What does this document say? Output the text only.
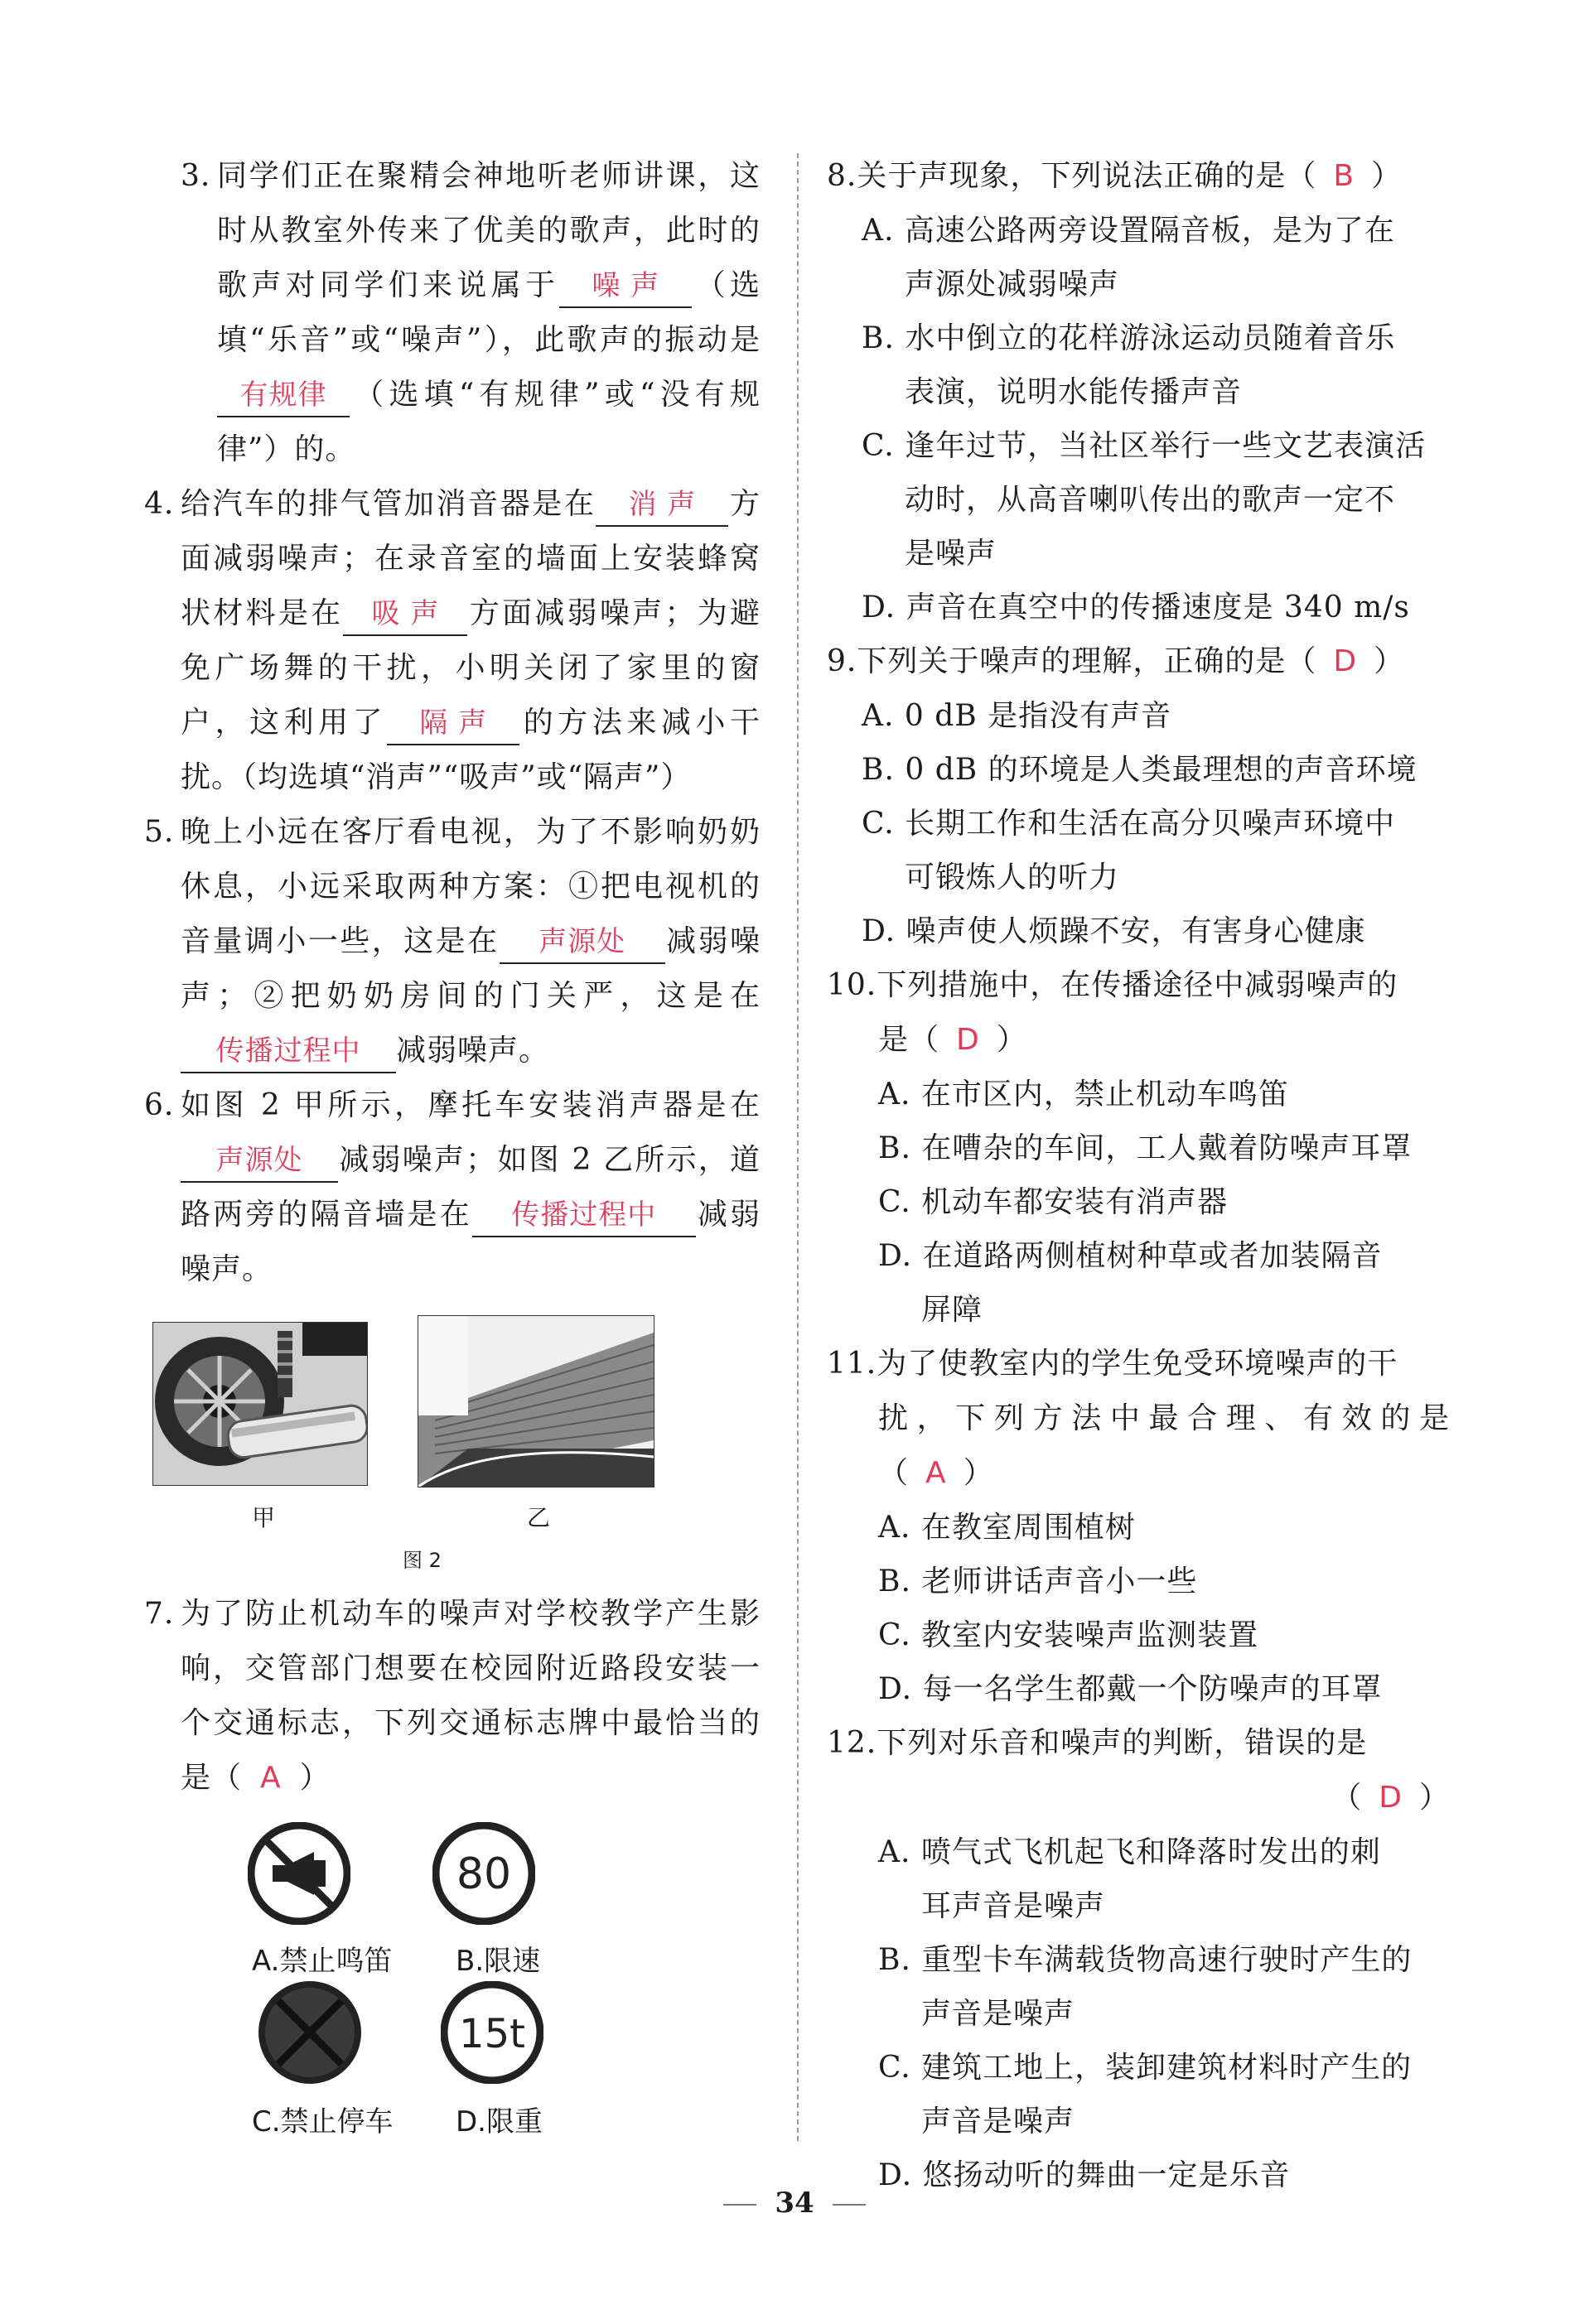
3. 同学们正在聚精会神地听老师讲课，这时从教室外传来了优美的歌声，此时的歌声对同学们来说属于 噪 声 （选填“乐音”或“噪声”），此歌声的振动是有规律 （选填“有规律”或“没有规律”）的。
4. 给汽车的排气管加消音器是在 消 声 方面减弱噪声；在录音室的墙面上安装蜂窝状材料是在 吸 声 方面减弱噪声；为避免广场舞的干扰，小明关闭了家里的窗户，这利用了 隔 声 的方法来减小干扰。（均选填“消声”“吸声”或“隔声”）
5. 晚上小远在客厅看电视，为了不影响奶奶休息，小远采取两种方案：①把电视机的音量调小一些，这是在 声源处 减弱噪声；②把奶奶房间的门关严，这是在传播过程中 减弱噪声。
6. 如图 2 甲所示，摩托车安装消声器是在声源处 减弱噪声；如图 2 乙所示，道路两旁的隔音墙是在 传播过程中 减弱噪声。
甲	乙
图 2
7. 为了防止机动车的噪声对学校教学产生影响，交管部门想要在校园附近路段安装一个交通标志，下列交通标志牌中最恰当的是（ A ）
A.禁止鸣笛
80
B.限速
C.禁止停车
15t
D.限重
8.关于声现象，下列说法正确的是（ B ）
A. 高速公路两旁设置隔音板，是为了在
声源处减弱噪声
B. 水中倒立的花样游泳运动员随着音乐
表演，说明水能传播声音
C. 逢年过节，当社区举行一些文艺表演活
动时，从高音喇叭传出的歌声一定不
是噪声
D. 声音在真空中的传播速度是 340 m/s
9.下列关于噪声的理解，正确的是（ D ）
A. 0 dB 是指没有声音
B. 0 dB 的环境是人类最理想的声音环境
C. 长期工作和生活在高分贝噪声环境中
可锻炼人的听力
D. 噪声使人烦躁不安，有害身心健康
10.下列措施中，在传播途径中减弱噪声的
是（ D ）
A. 在市区内，禁止机动车鸣笛
B. 在嘈杂的车间，工人戴着防噪声耳罩
C. 机动车都安装有消声器
D. 在道路两侧植树种草或者加装隔音
屏障
11.为了使教室内的学生免受环境噪声的干
扰，下列方法中最合理、有效的是（ A ）
A. 在教室周围植树
B. 老师讲话声音小一些
C. 教室内安装噪声监测装置
D. 每一名学生都戴一个防噪声的耳罩
12.下列对乐音和噪声的判断，错误的是
（ D ）
A. 喷气式飞机起飞和降落时发出的刺
耳声音是噪声
B. 重型卡车满载货物高速行驶时产生的
声音是噪声
C. 建筑工地上，装卸建筑材料时产生的
声音是噪声
D. 悠扬动听的舞曲一定是乐音
34
